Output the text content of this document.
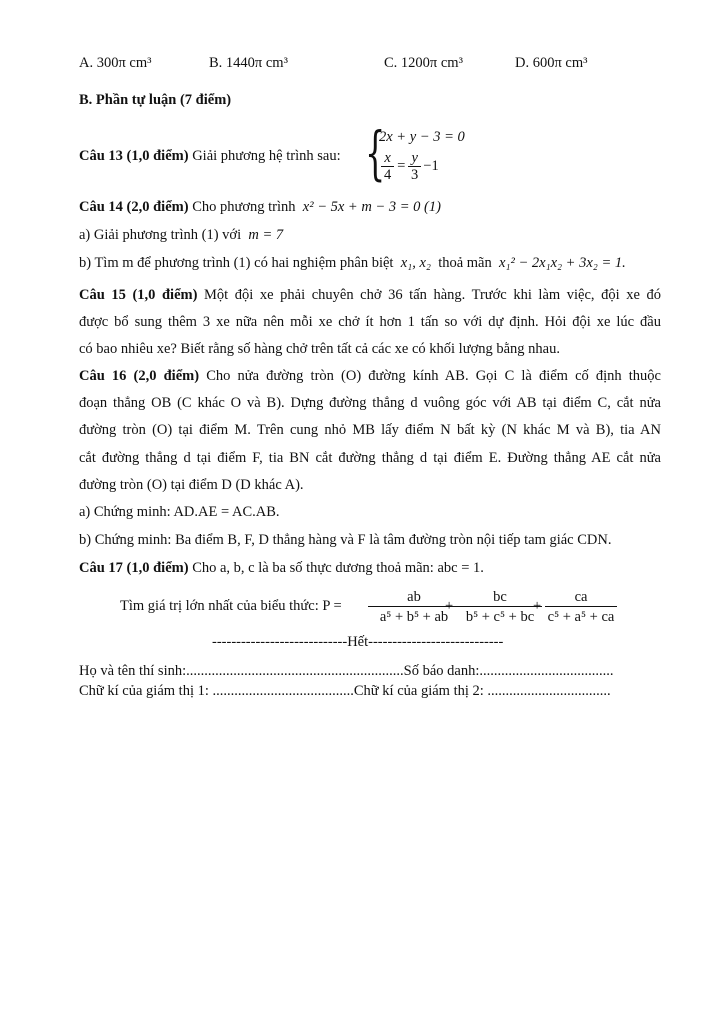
A. 300π cm³	B. 1440π cm³	C. 1200π cm³	D. 600π cm³
B. Phần tự luận (7 điểm)
Câu 13 (1,0 điểm) Giải phương hệ trình sau: {
2x + y − 3 = 0
$\frac{x}{4} = \frac{y}{3} -1$
Câu 14 (2,0 điểm) Cho phương trình x² − 5x + m − 3 = 0 (1)
a) Giải phương trình (1) với m = 7
b) Tìm m để phương trình (1) có hai nghiệm phân biệt x₁, x₂ thoả mãn x₁² − 2x₁x₂ + 3x₂ = 1.
Câu 15 (1,0 điểm) Một đội xe phải chuyên chở 36 tấn hàng. Trước khi làm việc, đội xe đó
được bổ sung thêm 3 xe nữa nên mỗi xe chở ít hơn 1 tấn so với dự định. Hỏi đội xe lúc đầu
có bao nhiêu xe? Biết rằng số hàng chở trên tất cả các xe có khối lượng bằng nhau.
Câu 16 (2,0 điểm) Cho nửa đường tròn (O) đường kính AB. Gọi C là điểm cố định thuộc
đoạn thẳng OB (C khác O và B). Dựng đường thẳng d vuông góc với AB tại điểm C, cắt nửa
đường tròn (O) tại điểm M. Trên cung nhỏ MB lấy điểm N bất kỳ (N khác M và B), tia AN
cắt đường thẳng d tại điểm F, tia BN cắt đường thẳng d tại điểm E. Đường thẳng AE cắt nửa
đường tròn (O) tại điểm D (D khác A).
a) Chứng minh: AD.AE = AC.AB.
b) Chứng minh: Ba điểm B, F, D thẳng hàng và F là tâm đường tròn nội tiếp tam giác CDN.
Câu 17 (1,0 điểm) Cho a, b, c là ba số thực dương thoả mãn: abc = 1.
Tìm giá trị lớn nhất của biểu thức: P =	$\frac{ab}{\text{a⁵ + b⁵ + ab}}$
+ $\frac{bc}{\text{b⁵ + c⁵ + bc}}$
+ $\frac{ca}{\text{c⁵ + a⁵ + ca}}$
----------------------------Hết----------------------------
Họ và tên thí sinh:............................................................Số báo danh:.....................................
Chữ kí của giám thị 1: .......................................Chữ kí của giám thị 2: ..................................
